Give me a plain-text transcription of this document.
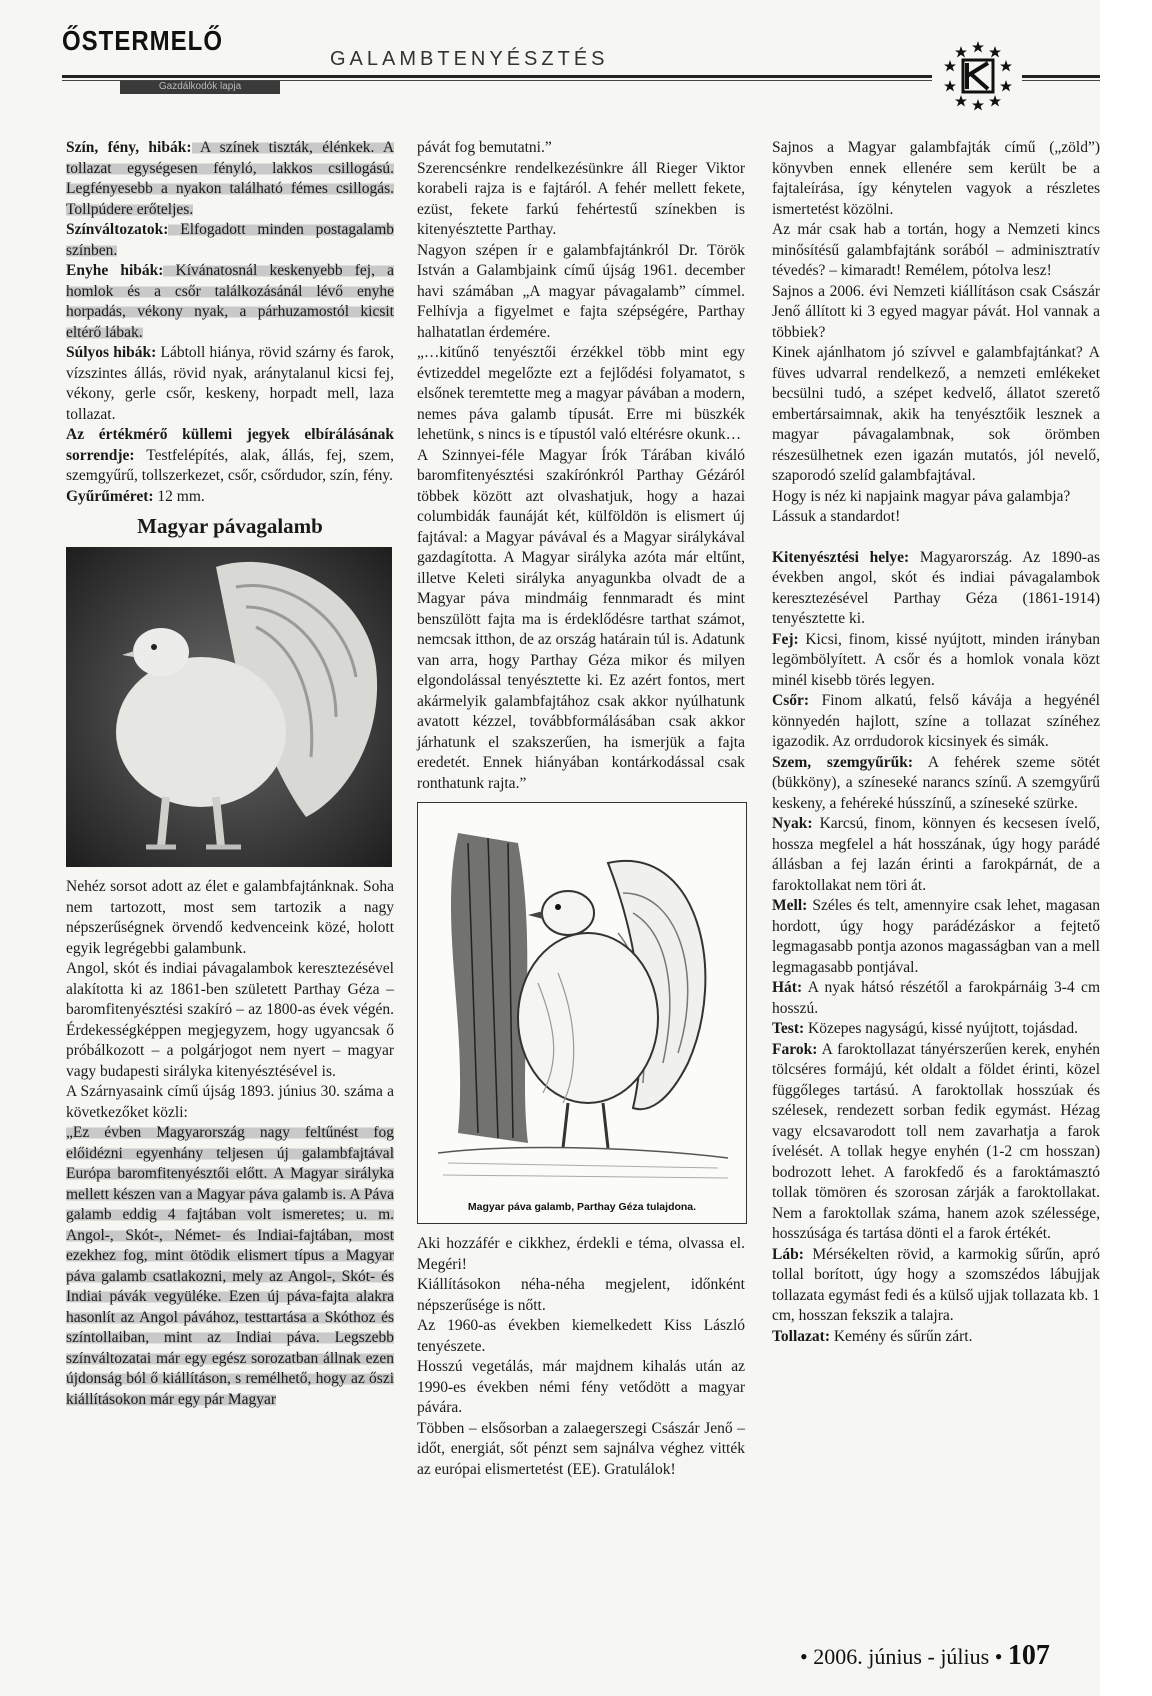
ŐSTERMELŐ
Gazdálkodók lapja
GALAMBTENYÉSZTÉS

Szín, fény, hibák: A színek tiszták, élénkek. A tollazat egységesen fényló, lakkos csillogású. Legfényesebb a nyakon található fémes csillogás. Tollpúdere erőteljes.

Színváltozatok: Elfogadott minden postagalamb színben.

Enyhe hibák: Kívánatosnál keskenyebb fej, a homlok és a csőr találkozásánál lévő enyhe horpadás, vékony nyak, a párhuzamostól kicsit eltérő lábak.

Súlyos hibák: Lábtoll hiánya, rövid szárny és farok, vízszintes állás, rövid nyak, aránytalanul kicsi fej, vékony, gerle csőr, keskeny, horpadt mell, laza tollazat.

Az értékmérő küllemi jegyek elbírálásának sorrendje: Testfelépítés, alak, állás, fej, szem, szemgyűrű, tollszerkezet, csőr, csőrdudor, szín, fény.

Gyűrűméret: 12 mm.

Magyar pávagalamb

Nehéz sorsot adott az élet e galambfajtánknak. Soha nem tartozott, most sem tartozik a nagy népszerűségnek örvendő kedvenceink közé, holott egyik legrégebbi galambunk.

Angol, skót és indiai pávagalambok keresztezésével alakította ki az 1861-ben született Parthay Géza – baromfitenyésztési szakíró – az 1800-as évek végén. Érdekességképpen megjegyzem, hogy ugyancsak ő próbálkozott – a polgárjogot nem nyert – magyar vagy budapesti sirálykа kitenyésztésével is.

A Szárnyasaink című újság 1893. június 30. száma a következőket közli:

„Ez évben Magyarország nagy feltűnést fog előidézni egyenhány teljesen új galambfajtával Európa baromfitenyésztői előtt. A Magyar sirálykа mellett készen van a Magyar páva galamb is. A Páva galamb eddig 4 fajtában volt ismeretes; u. m. Angol-, Skót-, Német- és Indiai-fajtában, most ezekhez fog, mint ötödik elismert típus a Magyar páva galamb csatlakozni, mely az Angol-, Skót- és Indiai pávák vegyülékе. Ezen új páva-fajta alakra hasonlít az Angol pávához, testtartása a Skóthoz és színtollaiban, mint az Indiai páva. Legszebb színváltozatai már egy egész sorozatban állnak ezen újdonság ból ő kiállításon, s remélhető, hogy az őszi kiállításokon már egy pár Magyar

pávát fog bemutatni.”

Szerencsénkre rendelkezésünkre áll Rieger Viktor korabeli rajza is e fajtáról. A fehér mellett fekete, ezüst, fekete farkú fehértestű színekben is kitenyésztette Parthay.

Nagyon szépen ír e galambfajtánkról Dr. Török István a Galambjaink című újság 1961. december havi számában „A magyar pávagalamb” címmel. Felhívja a figyelmet e fajta szépségére, Parthay halhatatlan érdemére.

„…kitűnő tenyésztői érzékkel több mint egy évtizeddel megelőzte ezt a fejlődési folyamatot, s elsőnek teremtette meg a magyar pávában a modern, nemes páva galamb típusát. Erre mi büszkék lehetünk, s nincs is e típustól való eltérésre okunk…

A Szinnyei-féle Magyar Írók Tárában kiváló baromfitenyésztési szakírónkról Parthay Gézáról többek között azt olvashatjuk, hogy a hazai columbidák faunáját két, külföldön is elismert új fajtával: a Magyar pávával és a Magyar sirálykával gazdagította. A Magyar sirálykа azóta már eltűnt, illetve Keleti sirálykа anyagunkba olvadt de a Magyar páva mindmáig fennmaradt és mint benszülött fajta ma is érdeklődésre tarthat számot, nemcsak itthon, de az ország határain túl is. Adatunk van arra, hogy Parthay Géza mikor és milyen elgondolással tenyésztette ki. Ez azért fontos, mert akármelyik galambfajtához csak akkor nyúlhatunk avatott kézzel, továbbformálásában csak akkor járhatunk el szakszerűen, ha ismerjük a fajta eredetét. Ennek hiányában kontárkodással csak ronthatunk rajta.”

Magyar páva galamb, Parthay Géza tulajdona.

Aki hozzáfér e cikkhez, érdekli e téma, olvassa el. Megéri!

Kiállításokon néha-néha megjelent, időnként népszerűsége is nőtt.

Az 1960-as években kiemelkedett Kiss László tenyészete.

Hosszú vegetálás, már majdnem kihalás után az 1990-es években némi fény vetődött a magyar pávára.

Többen – elsősorban a zalaegerszegi Császár Jenő – időt, energiát, sőt pénzt sem sajnálva véghez vitték az európai elismertetést (EE). Gratulálok!

Sajnos a Magyar galambfajták című („zöld”) könyvben ennek ellenére sem került be a fajtaleírása, így kénytelen vagyok a részletes ismertetést közölni.

Az már csak hab a tortán, hogy a Nemzeti kincs minősítésű galambfajtánk sorából – adminisztratív tévedés? – kimaradt! Remélem, pótolva lesz!

Sajnos a 2006. évi Nemzeti kiállításon csak Császár Jenő állított ki 3 egyed magyar pávát. Hol vannak a többiek?

Kinek ajánlhatom jó szívvel e galambfajtánkat? A füves udvarral rendelkező, a nemzeti emlékeket becsülni tudó, a szépet kedvelő, állatot szerető embertársaimnak, akik ha tenyésztőik lesznek a magyar pávagalambnak, sok örömben részesülhetnek ezen igazán mutatós, jól nevelő, szaporodó szelíd galambfajtával.

Hogy is néz ki napjaink magyar páva galambja?

Lássuk a standardot!

Kitenyésztési helye: Magyarország. Az 1890-as években angol, skót és indiai pávagalambok keresztezésével Parthay Géza (1861-1914) tenyésztette ki.

Fej: Kicsi, finom, kissé nyújtott, minden irányban legömbölyített. A csőr és a homlok vonala közt minél kisebb törés legyen.

Csőr: Finom alkatú, felső kávája a hegyénél könnyedén hajlott, színe a tollazat színéhez igazodik. Az orrdudorok kicsinyek és simák.

Szem, szemgyűrűk: A fehérek szeme sötét (bükköny), a színeseké narancs színű. A szemgyűrű keskeny, a fehéreké hússzínű, a színeseké szürke.

Nyak: Karcsú, finom, könnyen és kecsesen ívelő, hossza megfelel a hát hosszának, úgy hogy parádé állásban a fej lazán érinti a farokpárnát, de a faroktollakat nem töri át.

Mell: Széles és telt, amennyire csak lehet, magasan hordott, úgy hogy parádézáskor a fejtető legmagasabb pontja azonos magasságban van a mell legmagasabb pontjával.

Hát: A nyak hátsó részétől a farokpárnáig 3-4 cm hosszú.

Test: Közepes nagyságú, kissé nyújtott, tojásdad.

Farok: A faroktollazat tányérszerűen kerek, enyhén tölcséres formájú, két oldalt a földet érinti, közel függőleges tartású. A faroktollak hosszúak és szélesek, rendezett sorban fedik egymást. Hézag vagy elcsavarodott toll nem zavarhatja a farok ívelését. A tollak hegye enyhén (1-2 cm hosszan) bodrozott lehet. A farokfedő és a faroktámasztó tollak tömören és szorosan zárják a faroktollakat. Nem a faroktollak száma, hanem azok szélessége, hosszúsága és tartása dönti el a farok értékét.

Láb: Mérsékelten rövid, a karmokig sűrűn, apró tollal borított, úgy hogy a szomszédos lábujjak tollazata egymást fedi és a külső ujjak tollazata kb. 1 cm, hosszan fekszik a talajra.

Tollazat: Kemény és sűrűn zárt.

• 2006. június - július • 107
